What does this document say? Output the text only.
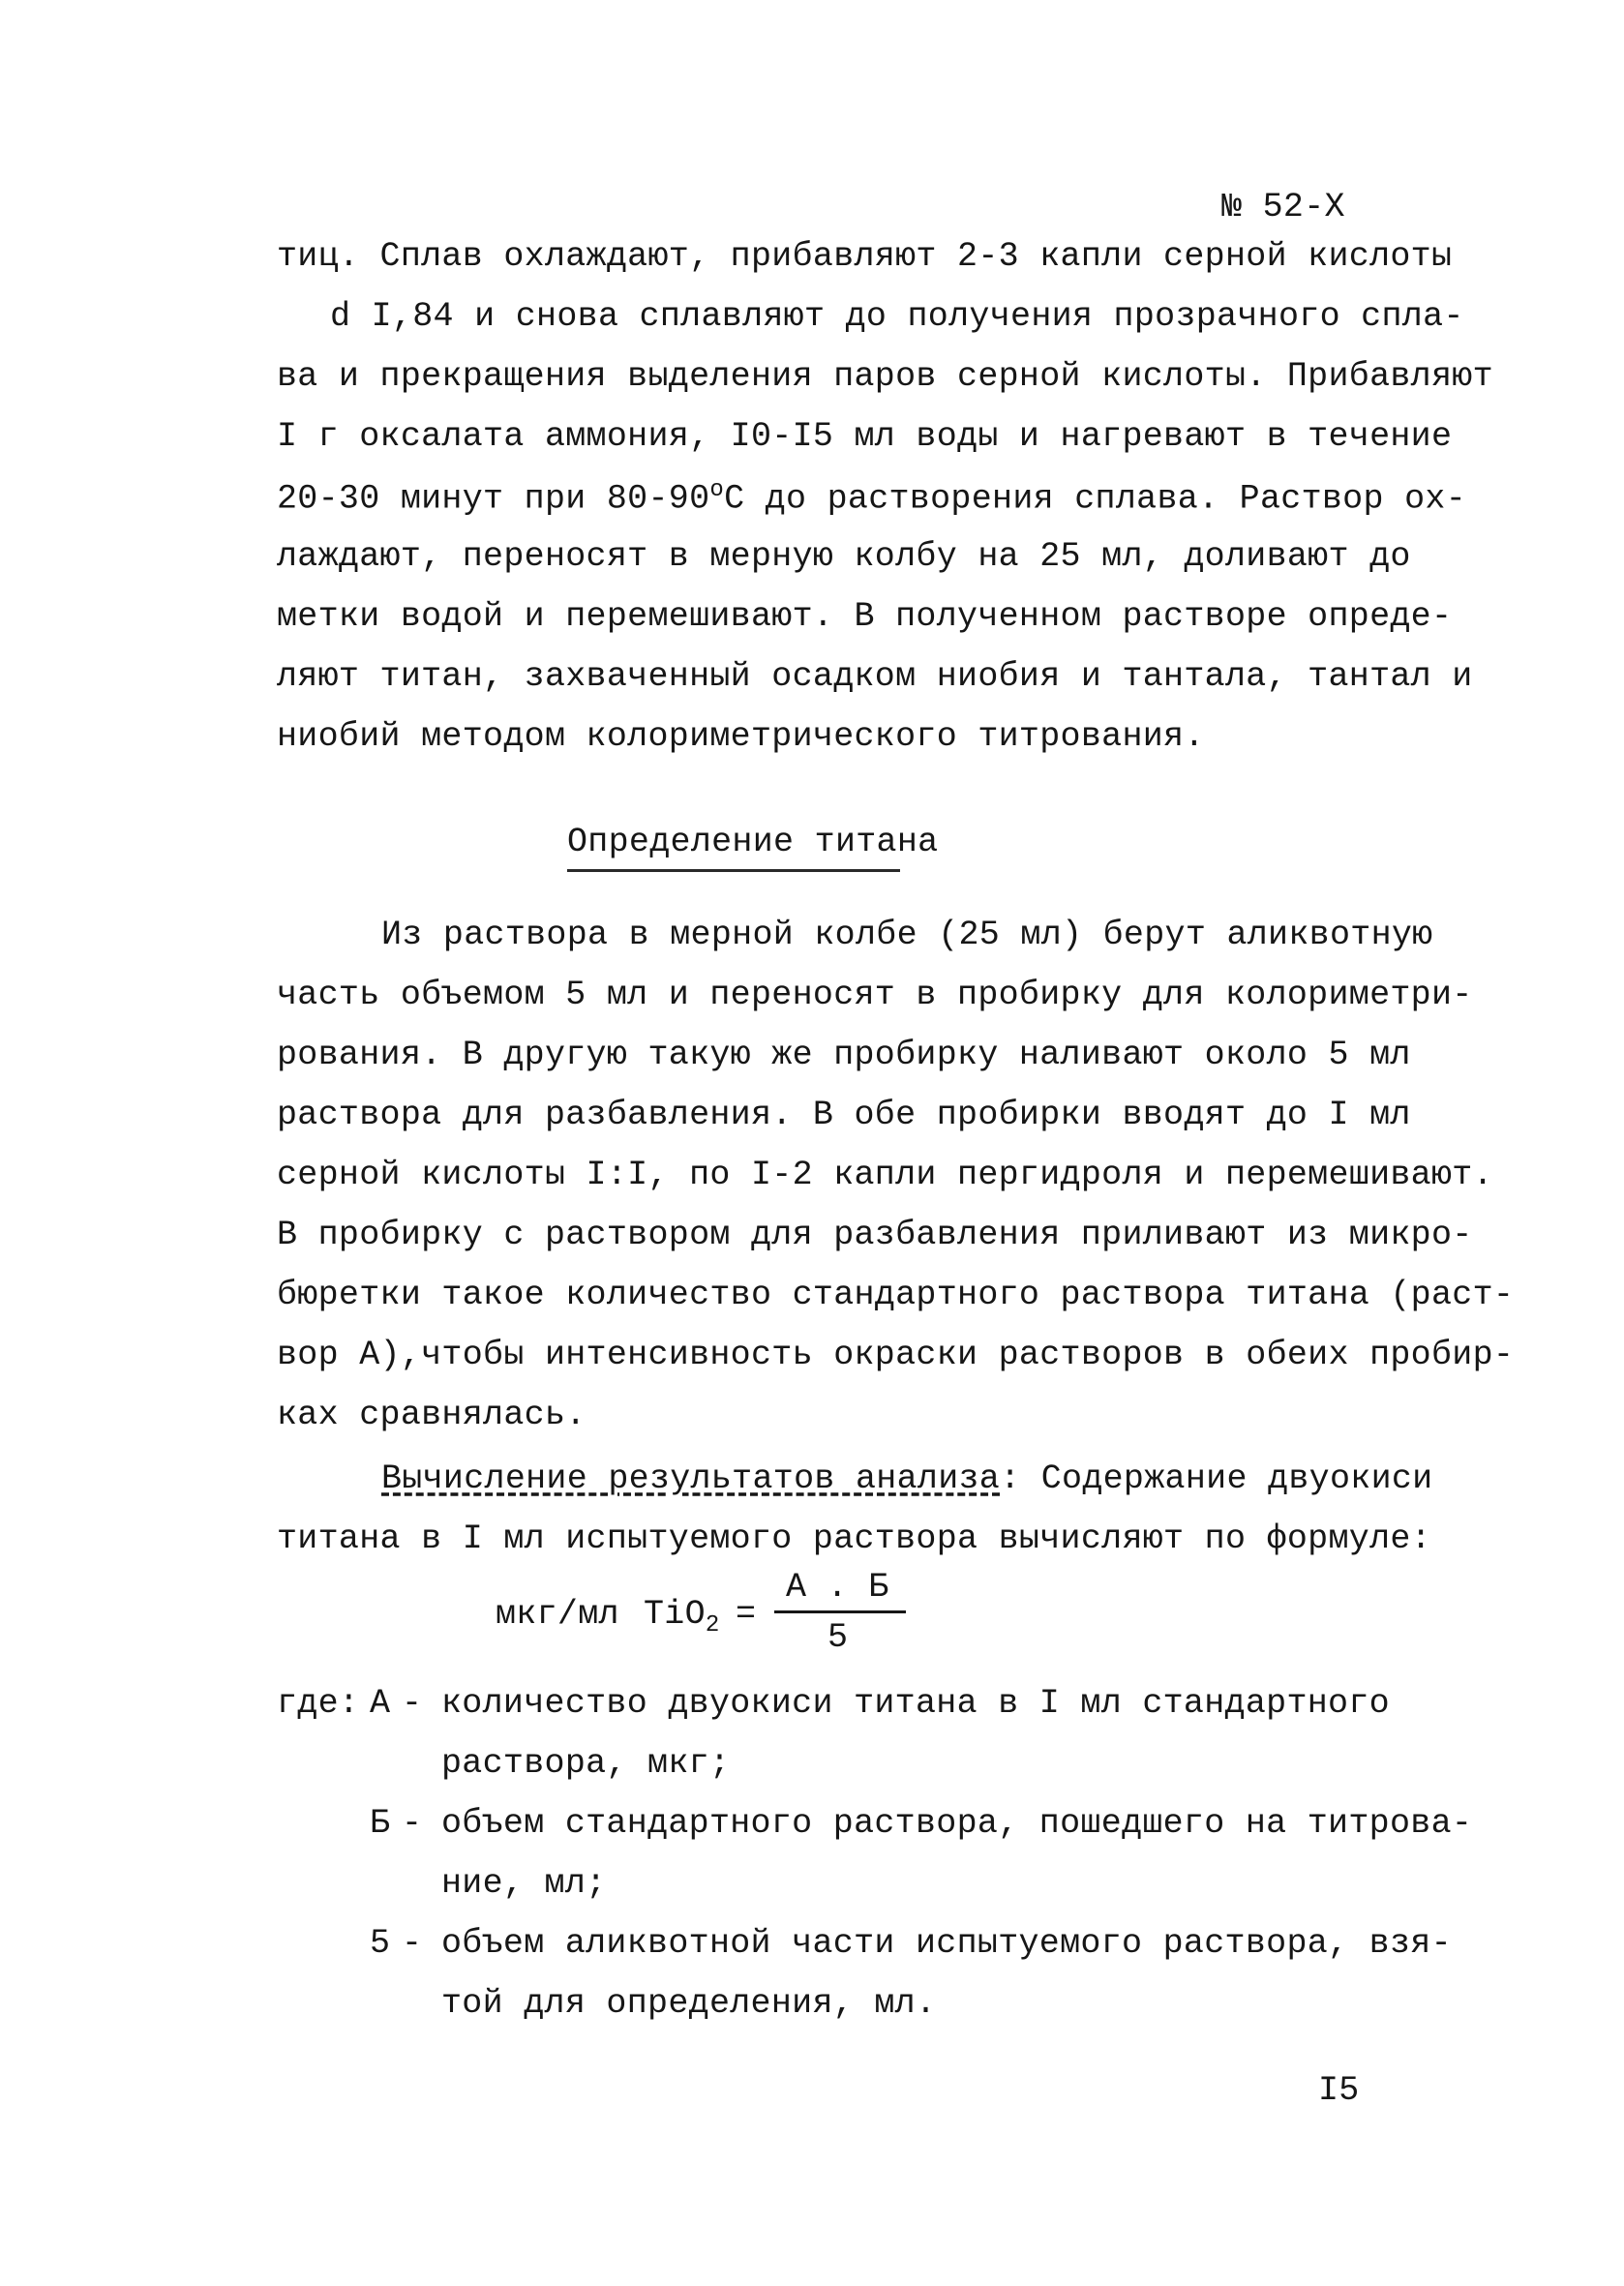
№ 52-Х
тиц. Сплав охлаждают, прибавляют 2-3 капли серной кислоты
d I,84 и снова сплавляют до получения прозрачного спла-
ва и прекращения выделения паров серной кислоты. Прибавляют
I г оксалата аммония, I0-I5 мл воды и нагревают в течение
20-30 минут при $80-90^оС$ до растворения сплава. Раствор ох-
лаждают, переносят в мерную колбу на 25 мл, доливают до
метки водой и перемешивают. В полученном растворе опреде-
ляют титан, захваченный осадком ниобия и тантала, тантал и
ниобий методом колориметрического титрования.
Определение титана
Из раствора в мерной колбе (25 мл) берут аликвотную
часть объемом 5 мл и переносят в пробирку для колориметри-
рования. В другую такую же пробирку наливают около 5 мл
раствора для разбавления. В обе пробирки вводят до I мл
серной кислоты I:I, по I-2 капли пергидроля и перемешивают.
В пробирку с раствором для разбавления приливают из микро-
бюретки такое количество стандартного раствора титана (раст-
вор А),чтобы интенсивность окраски растворов в обеих пробир-
ках сравнялась.
Вычисление результатов анализа: Содержание двуокиси
титана в I мл испытуемого раствора вычисляют по формуле:
мкг/мл TiO$_2$ =
А . Б
5
где: А - количество двуокиси титана в I мл стандартного
раствора, мкг;
Б - объем стандартного раствора, пошедшего на титрова-
ние, мл;
5 - объем аликвотной части испытуемого раствора, взя-
той для определения, мл.
I5
